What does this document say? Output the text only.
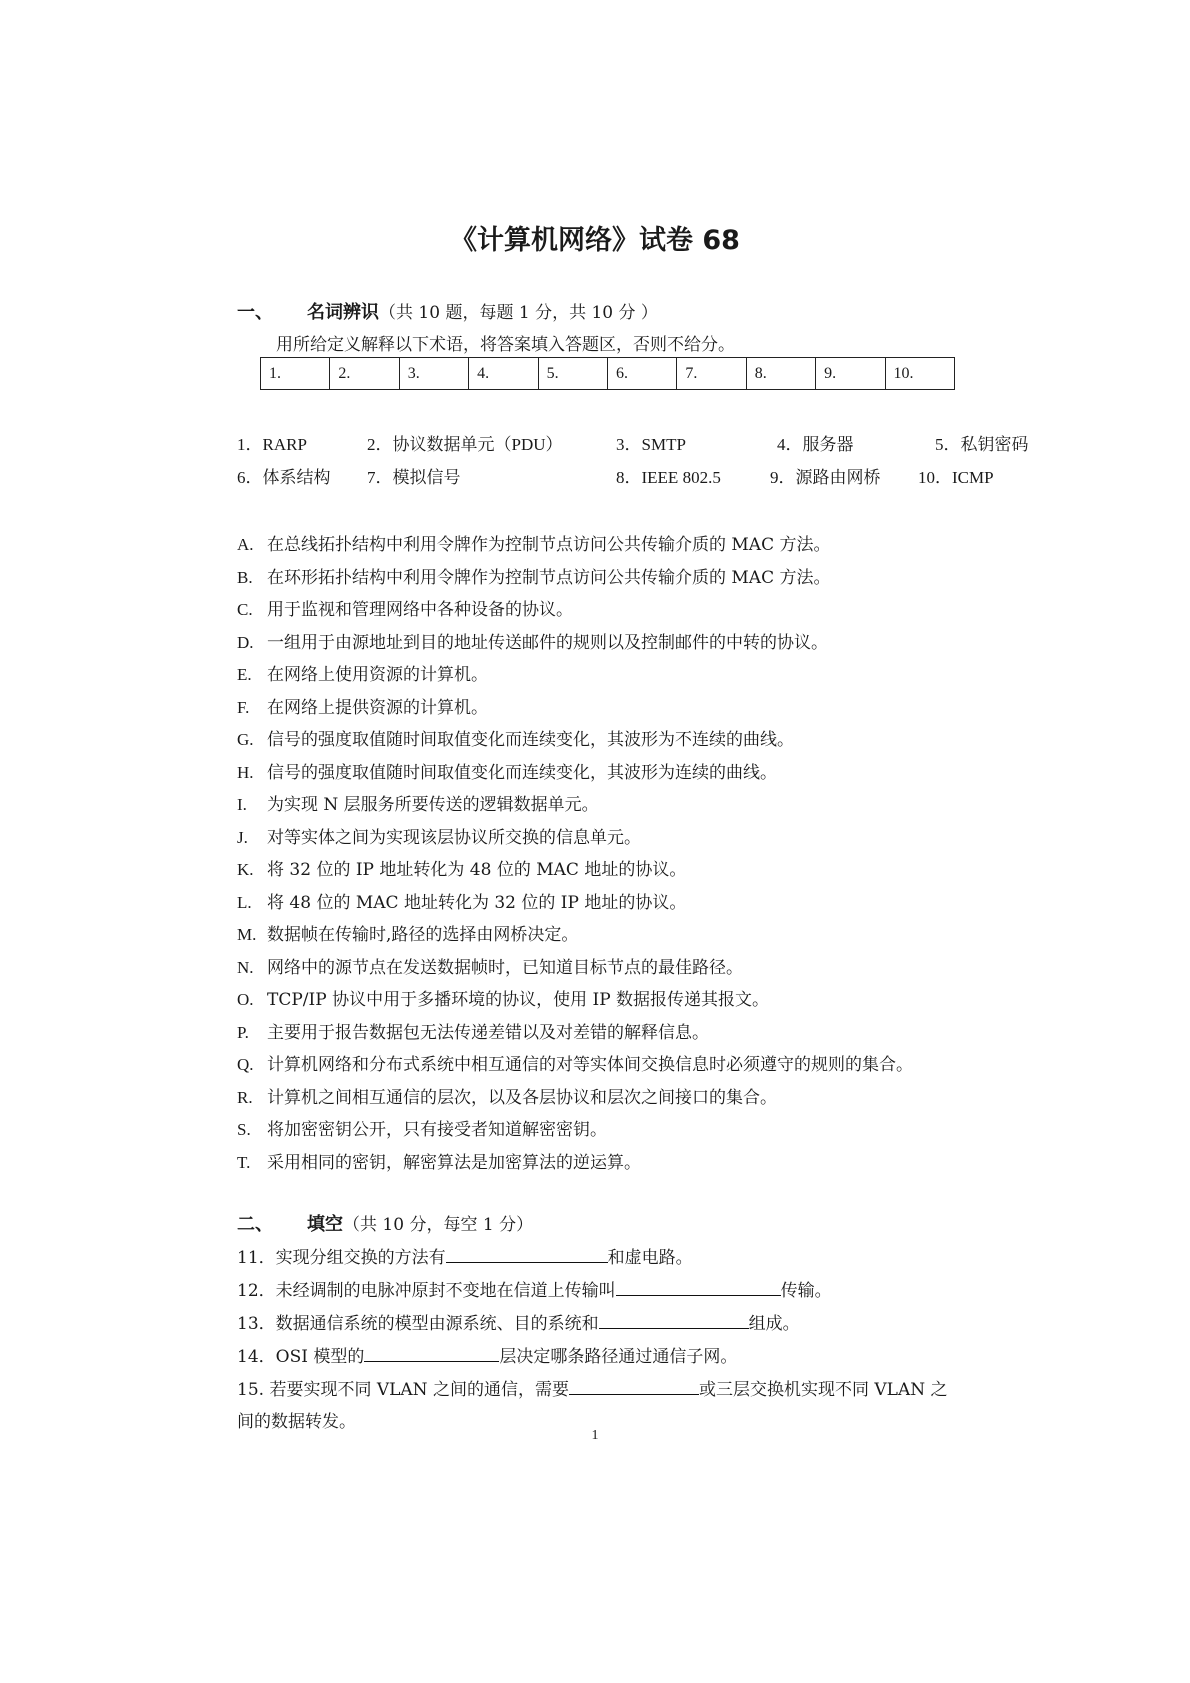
《计算机网络》试卷 68
一、 名词辨识（共 10 题，每题 1 分，共 10 分 ）
用所给定义解释以下术语，将答案填入答题区，否则不给分。
1.	2.	3.	4.	5.	6.	7.	8.	9.	10.
1．RARP	2．协议数据单元（PDU）	3．SMTP	4．服务器	5．私钥密码
6．体系结构 7．模拟信号	8．IEEE 802.5	9．源路由网桥 10．ICMP
A. 在总线拓扑结构中利用令牌作为控制节点访问公共传输介质的 MAC 方法。
B. 在环形拓扑结构中利用令牌作为控制节点访问公共传输介质的 MAC 方法。
C. 用于监视和管理网络中各种设备的协议。
D. 一组用于由源地址到目的地址传送邮件的规则以及控制邮件的中转的协议。
E. 在网络上使用资源的计算机。
F. 在网络上提供资源的计算机。
G. 信号的强度取值随时间取值变化而连续变化，其波形为不连续的曲线。
H. 信号的强度取值随时间取值变化而连续变化，其波形为连续的曲线。
I. 为实现 N 层服务所要传送的逻辑数据单元。
J. 对等实体之间为实现该层协议所交换的信息单元。
K. 将 32 位的 IP 地址转化为 48 位的 MAC 地址的协议。
L. 将 48 位的 MAC 地址转化为 32 位的 IP 地址的协议。
M. 数据帧在传输时,路径的选择由网桥决定。
N. 网络中的源节点在发送数据帧时，已知道目标节点的最佳路径。
O. TCP/IP 协议中用于多播环境的协议，使用 IP 数据报传递其报文。
P. 主要用于报告数据包无法传递差错以及对差错的解释信息。
Q. 计算机网络和分布式系统中相互通信的对等实体间交换信息时必须遵守的规则的集合。
R. 计算机之间相互通信的层次，以及各层协议和层次之间接口的集合。
S. 将加密密钥公开，只有接受者知道解密密钥。
T. 采用相同的密钥，解密算法是加密算法的逆运算。
二、 填空（共 10 分，每空 1 分）
11．实现分组交换的方法有	和虚电路。
12．未经调制的电脉冲原封不变地在信道上传输叫	传输。
13．数据通信系统的模型由源系统、目的系统和	组成。
14．OSI 模型的	层决定哪条路径通过通信子网。
15. 若要实现不同 VLAN 之间的通信，需要	或三层交换机实现不同 VLAN 之
间的数据转发。
1
